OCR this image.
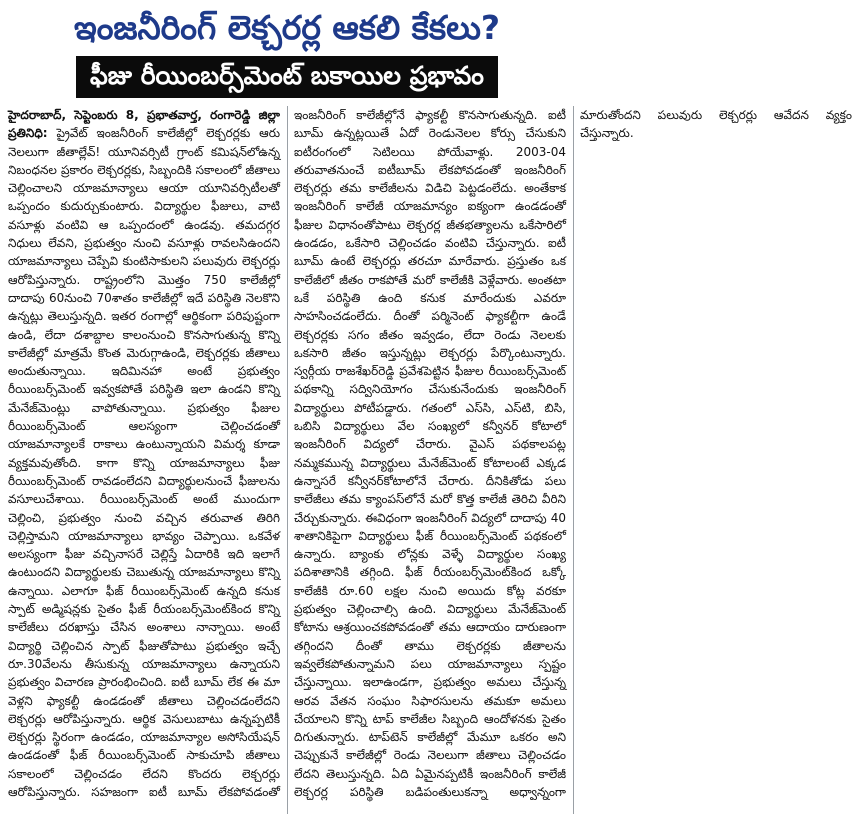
ఇంజనీరింగ్ లెక్చరర్ల ఆకలి కేకలు?
ఫీజు రీయింబర్స్‌మెంట్ బకాయిల ప్రభావం

హైదరాబాద్, సెప్టెంబరు 8, ప్రభాతవార్త, రంగారెడ్డి జిల్లా ప్రతినిధి: ప్రైవేట్ ఇంజనీరింగ్ కాలేజీల్లో లెక్చరర్లకు ఆరు నెలలుగా జీతాల్లేవ్! యూనివర్సిటీ గ్రాంట్ కమిషన్‌లోఉన్న నిబంధనల ప్రకారం లెక్చరర్లకు, సిబ్బందికి సకాలంలో జీతాలు చెల్లించాలని యాజమాన్యాలు ఆయా యూనివర్సిటీలతో ఒప్పందం కుదుర్చుకుంటారు. విద్యార్థుల ఫీజులు, వాటి వసూళ్లు వంటివి ఆ ఒప్పందంలో ఉండవు. తమదగ్గర నిధులు లేవని, ప్రభుత్వం నుంచి వసూళ్లు రావలసిఉందని యాజమాన్యాలు చెప్పేవి కుంటిసాకులని పలువురు లెక్చరర్లు ఆరోపిస్తున్నారు. రాష్ట్రంలోని మొత్తం 750 కాలేజీల్లో దాదాపు 60నుంచి 70శాతం కాలేజీల్లో ఇదే పరిస్థితి నెలకొని ఉన్నట్లు తెలుస్తున్నది. ఇతర రంగాల్లో ఆర్థికంగా పరిపుష్టంగా ఉండి, లేదా దశాబ్దాల కాలంనుంచి కొనసాగుతున్న కొన్ని కాలేజీల్లో మాత్రమే కొంత మెరుగ్గాఉండి, లెక్చరర్లకు జీతాలు అందుతున్నాయి. ఇదిమినహా అంటే ప్రభుత్వం రీయింబర్స్‌మెంట్ ఇవ్వకపోతే పరిస్థితి ఇలా ఉండని కొన్ని మేనేజ్‌మెంట్లు వాపోతున్నాయి. ప్రభుత్వం ఫీజుల రీయింబర్స్‌మెంట్ ఆలస్యంగా చెల్లించడంతో యాజమాన్యాలకే రాకాలు ఉంటున్నాయని విమర్శ కూడా వ్యక్తమవుతోంది. కాగా కొన్ని యాజమాన్యాలు ఫీజు రీయింబర్స్‌మెంట్ రావడంలేదని విద్యార్థులనుంచే ఫీజులను వసూలుచేశాయి. రీయింబర్స్‌మెంట్ అంటే ముందుగా చెల్లించి, ప్రభుత్వం నుంచి వచ్చిన తరువాత తిరిగి చెల్లిస్తామని యాజమాన్యాలు భావ్యం చెప్పాయి. ఒకవేళ అలస్యంగా ఫీజు వచ్చినాసరే చెల్లిస్తే ఏదారికి ఇది ఇలాగే ఉంటుందని విద్యార్థులకు చెబుతున్న యాజమాన్యాలు కొన్ని ఉన్నాయి. ఎలాగూ ఫీజ్ రీయింబర్స్‌మెంట్ ఉన్నది కనుక స్పాట్ అడ్మిషన్లకు సైతం ఫీజ్ రీయంబర్స్‌మెంట్‌కింద కొన్ని కాలేజీలు దరఖాస్తు చేసిన అంశాలు నాన్నాయి. అంటే విద్యార్థి చెల్లించిన స్పాట్ ఫీజుతోపాటు ప్రభుత్వం ఇచ్చే రూ.30వేలను తీసుకున్న యాజమాన్యాలు ఉన్నాయని ప్రభుత్వం విచారణ ప్రారంభించింది. ఐటీ బూమ్ లేక ఈ మా వెళ్లని ఫ్యాకల్టీ ఉండడంతో జీతాలు చెల్లించడంలేదని లెక్చరర్లు ఆరోపిస్తున్నారు. ఆర్థిక వెసులుబాటు ఉన్నప్పటికీ లెక్చరర్లు స్థిరంగా ఉండడం, యాజమాన్యాల అసోసియేషన్ ఉండడంతో ఫీజ్ రీయింబర్స్‌మెంట్ సాకుచూపి జీతాలు సకాలంలో చెల్లించడం లేదని కొందరు లెక్చరర్లు ఆరోపిస్తున్నారు. సహజంగా ఐటీ బూమ్ లేకపోవడంతో ఇంజనీరింగ్ కాలేజీల్లోనే ఫ్యాకల్టీ కొనసాగుతున్నది. ఐటీ బూమ్ ఉన్నట్లయితే ఏదో రెండునెలల కోర్సు చేసుకుని ఐటీరంగంలో సెటిలయి పోయేవాళ్లు. 2003-04 తరువాతనుంచే ఐటీబూమ్ లేకపోవడంతో ఇంజనీరింగ్ లెక్చరర్లు తమ కాలేజీలను విడిచి పెట్టడంలేదు. అంతేకాక ఇంజనీరింగ్ కాలేజీ యాజమాన్యం ఐక్యంగా ఉండడంతో ఫీజుల విధానంతోపాటు లెక్చరర్ల జీతభత్యాలను ఒకేసారిలో ఉండడం, ఒకేసారి చెల్లించడం వంటివి చేస్తున్నారు. ఐటీ బూమ్ ఉంటే లెక్చరర్లు తరచూ మారేవారు. ప్రస్తుతం ఒక కాలేజీలో జీతం రాకపోతే మరో కాలేజీకి వెళ్లేవారు. అంతటా ఒకే పరిస్థితి ఉంది కనుక మారేందుకు ఎవరూ సాహసించడంలేదు. దీంతో పర్మినెంట్ ఫ్యాకల్టీగా ఉండే లెక్చరర్లకు సగం జీతం ఇవ్వడం, లేదా రెండు నెలలకు ఒకసారి జీతం ఇస్తున్నట్లు లెక్చరర్లు పేర్కొంటున్నారు. స్వర్గీయ రాజశేఖర్‌రెడ్డి ప్రవేశపెట్టిన ఫీజుల రీయింబర్స్‌మెంట్ పథకాన్ని సద్వినియోగం చేసుకునేందుకు ఇంజనీరింగ్ విద్యార్థులు పోటీపడ్డారు. గతంలో ఎస్‌సి, ఎస్‌టి, బిసి, ఒబిసి విద్యార్థులు వేల సంఖ్యలో కన్వీనర్ కోటాలో ఇంజనీరింగ్ విద్యలో చేరారు. వైఎస్ పథకాలపట్ల నమ్మకమున్న విద్యార్థులు మేనేజ్‌మెంట్ కోటాలంటే ఎక్కడ ఉన్నాసరే కన్వీనర్‌కోటాలోనే చేరారు. దీనికితోడు పలు కాలేజీలు తమ క్యాంపస్‌లోనే మరో కొత్త కాలేజీ తెరిచి వీరిని చేర్చుకున్నారు. ఈవిధంగా ఇంజనీరింగ్ విద్యలో దాదాపు 40 శాతానికిపైగా విద్యార్థులు ఫీజ్ రీయింబర్స్‌మెంట్ పథకంలో ఉన్నారు. బ్యాంకు లోన్లకు వెళ్ళే విద్యార్థుల సంఖ్య పదిశాతానికి తగ్గింది. ఫీజ్ రీయంబర్స్‌మెంట్‌కింద ఒక్కో కాలేజీకి రూ.60 లక్షల నుంచి అయిదు కోట్ల వరకూ ప్రభుత్వం చెల్లించాల్సి ఉంది. విద్యార్థులు మేనేజ్‌మెంట్ కోటాను ఆశ్రయించకపోవడంతో తమ ఆదాయం దారుణంగా తగ్గిందని దీంతో తాము లెక్చరర్లకు జీతాలను ఇవ్వలేకపోతున్నామని పలు యాజమాన్యాలు స్పష్టం చేస్తున్నాయి. ఇలాఉండగా, ప్రభుత్వం అమలు చేస్తున్న ఆరవ వేతన సంఘం సిఫారసులను తమకూ అమలు చేయాలని కొన్ని టాప్ కాలేజీల సిబ్బంది ఆందోళనకు సైతం దిగుతున్నారు. టాప్‌టెన్ కాలేజీల్లో మేమూ ఒకరం అని చెప్పుకునే కాలేజీల్లో రెండు నెలలుగా జీతాలు చెల్లించడం లేదని తెలుస్తున్నది. ఏది ఏమైనప్పటికీ ఇంజనీరింగ్ కాలేజీ లెక్చరర్ల పరిస్థితి బడిపంతులుకన్నా అధ్వాన్నంగా మారుతోందని పలువురు లెక్చరర్లు ఆవేదన వ్యక్తం చేస్తున్నారు.
